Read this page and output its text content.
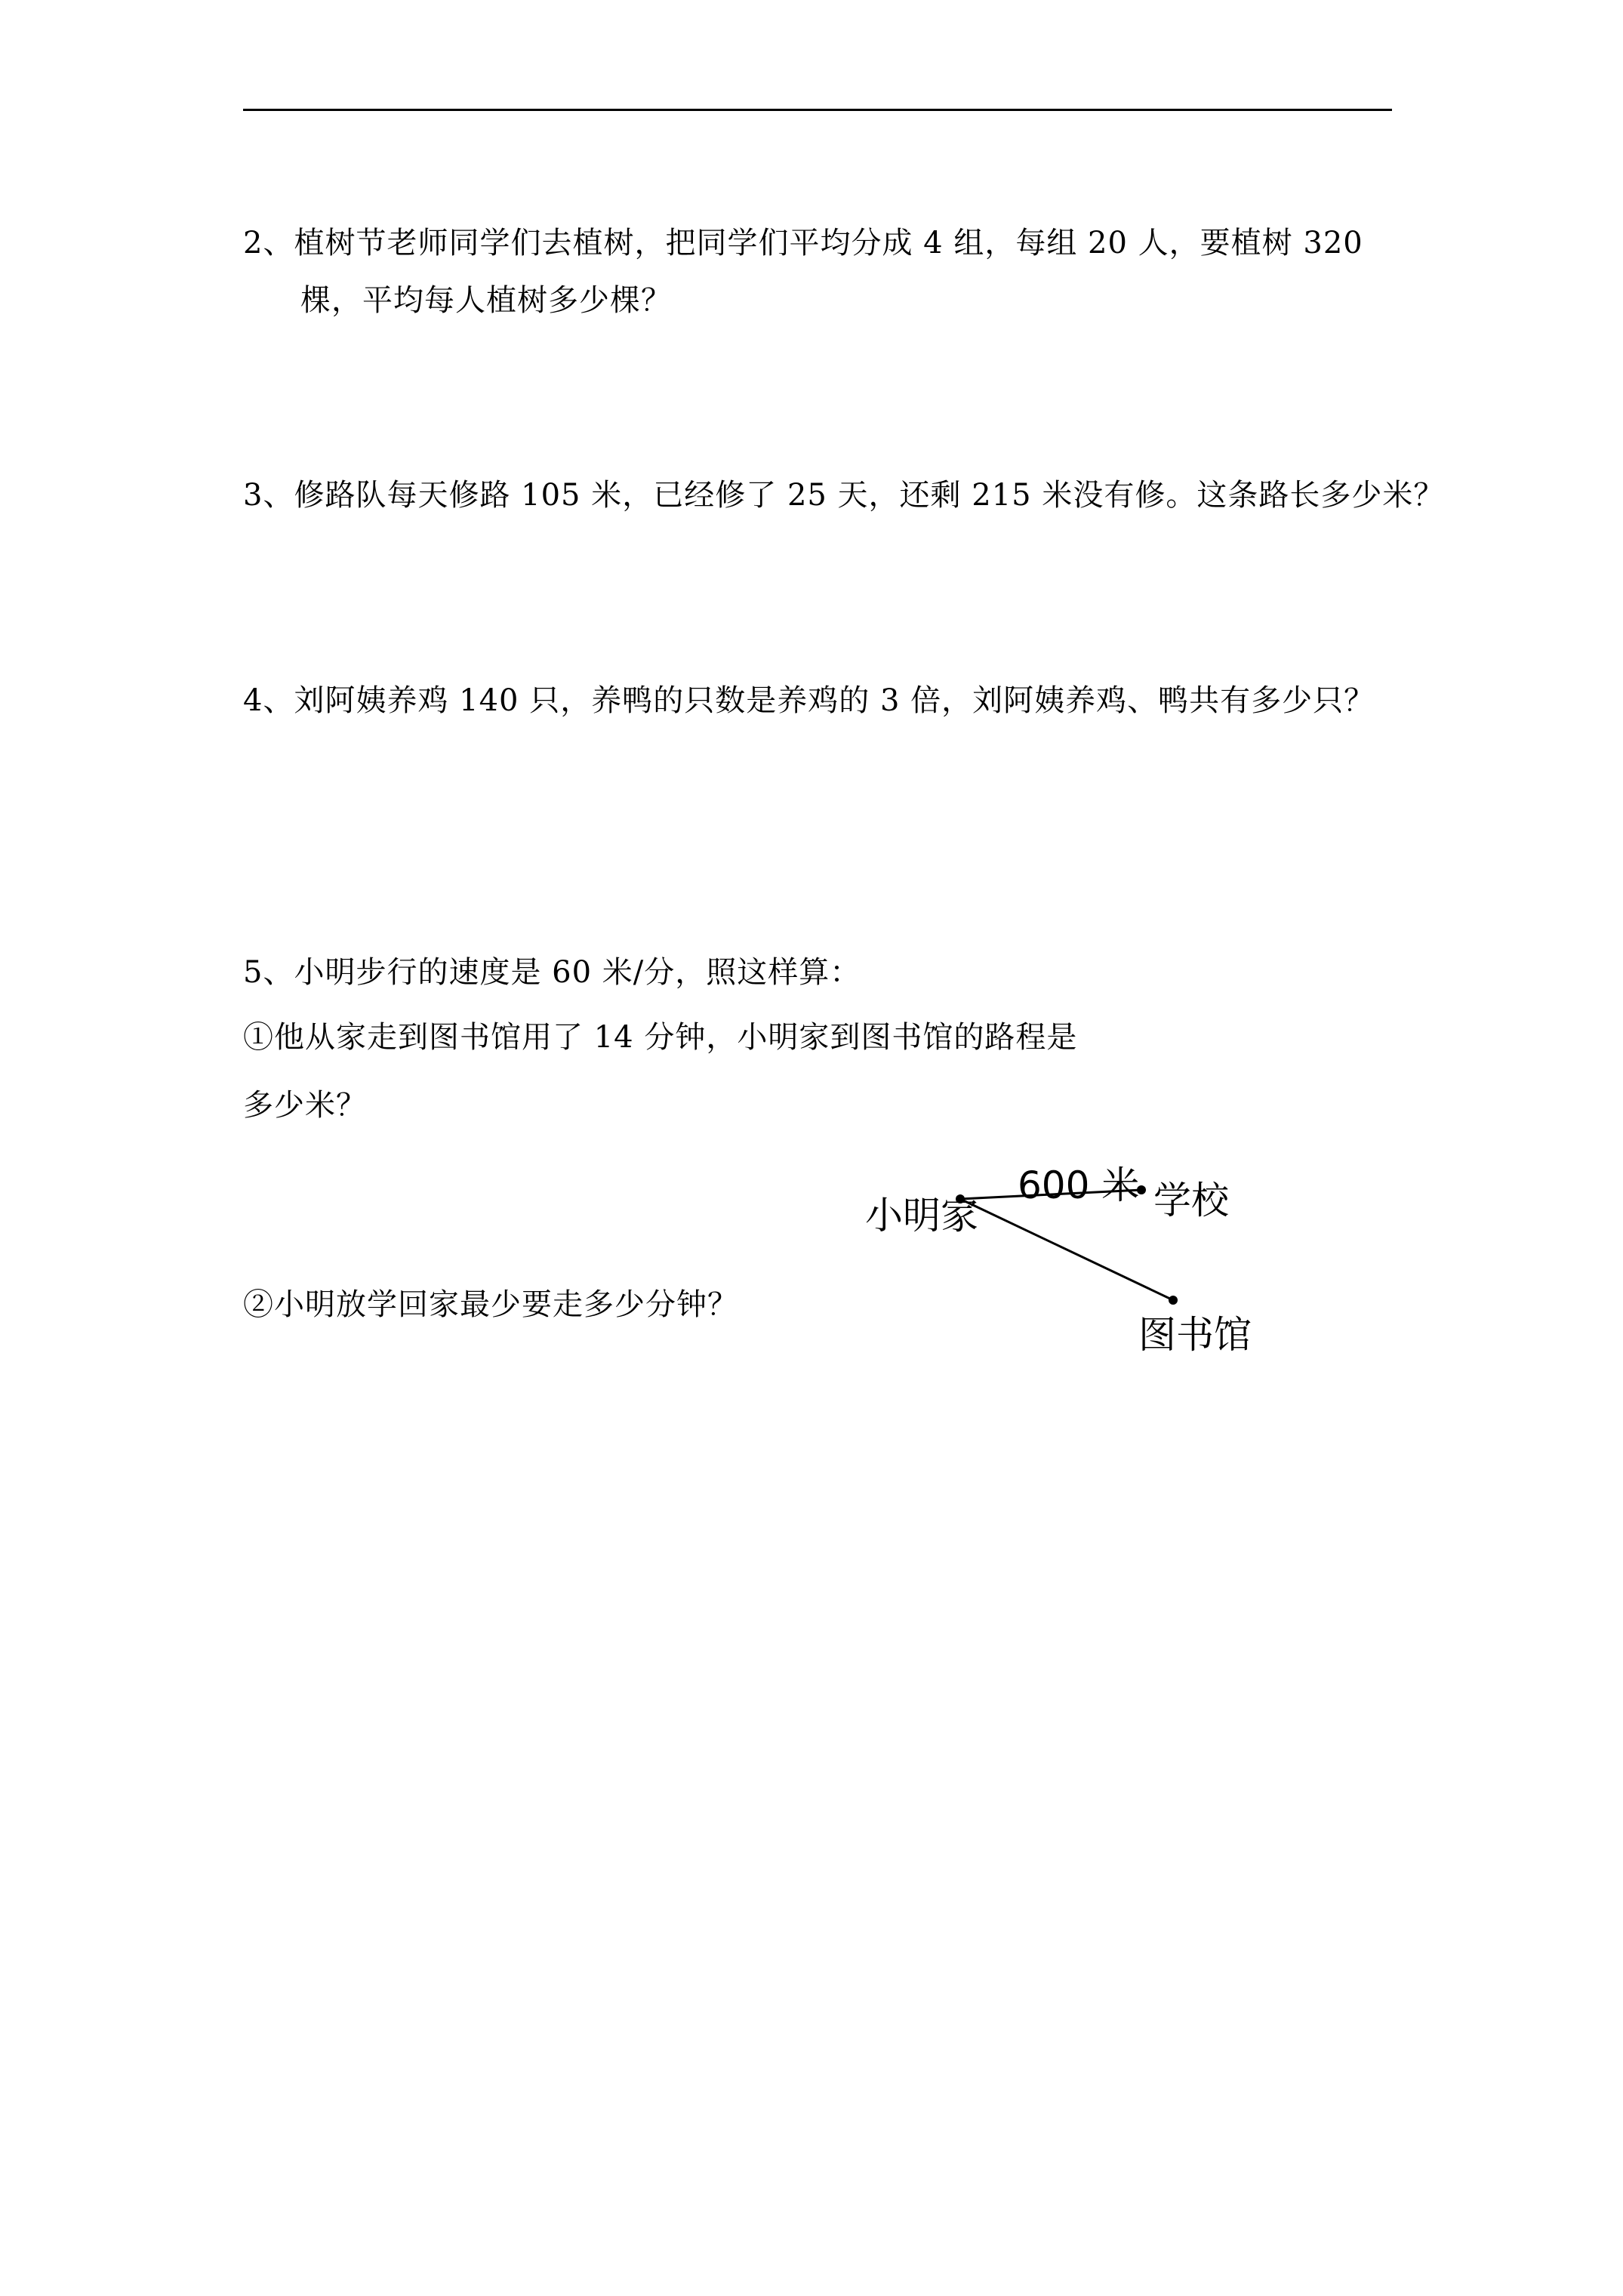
2、植树节老师同学们去植树，把同学们平均分成 4 组，每组 20 人，要植树 320
棵，平均每人植树多少棵？
3、修路队每天修路 105 米，已经修了 25 天，还剩 215 米没有修。这条路长多少米？
4、刘阿姨养鸡 140 只，养鸭的只数是养鸡的 3 倍，刘阿姨养鸡、鸭共有多少只？
5、小明步行的速度是 60 米/分，照这样算：
①他从家走到图书馆用了 14 分钟，小明家到图书馆的路程是
多少米？
②小明放学回家最少要走多少分钟？
小明家
600 米 学校
图书馆
